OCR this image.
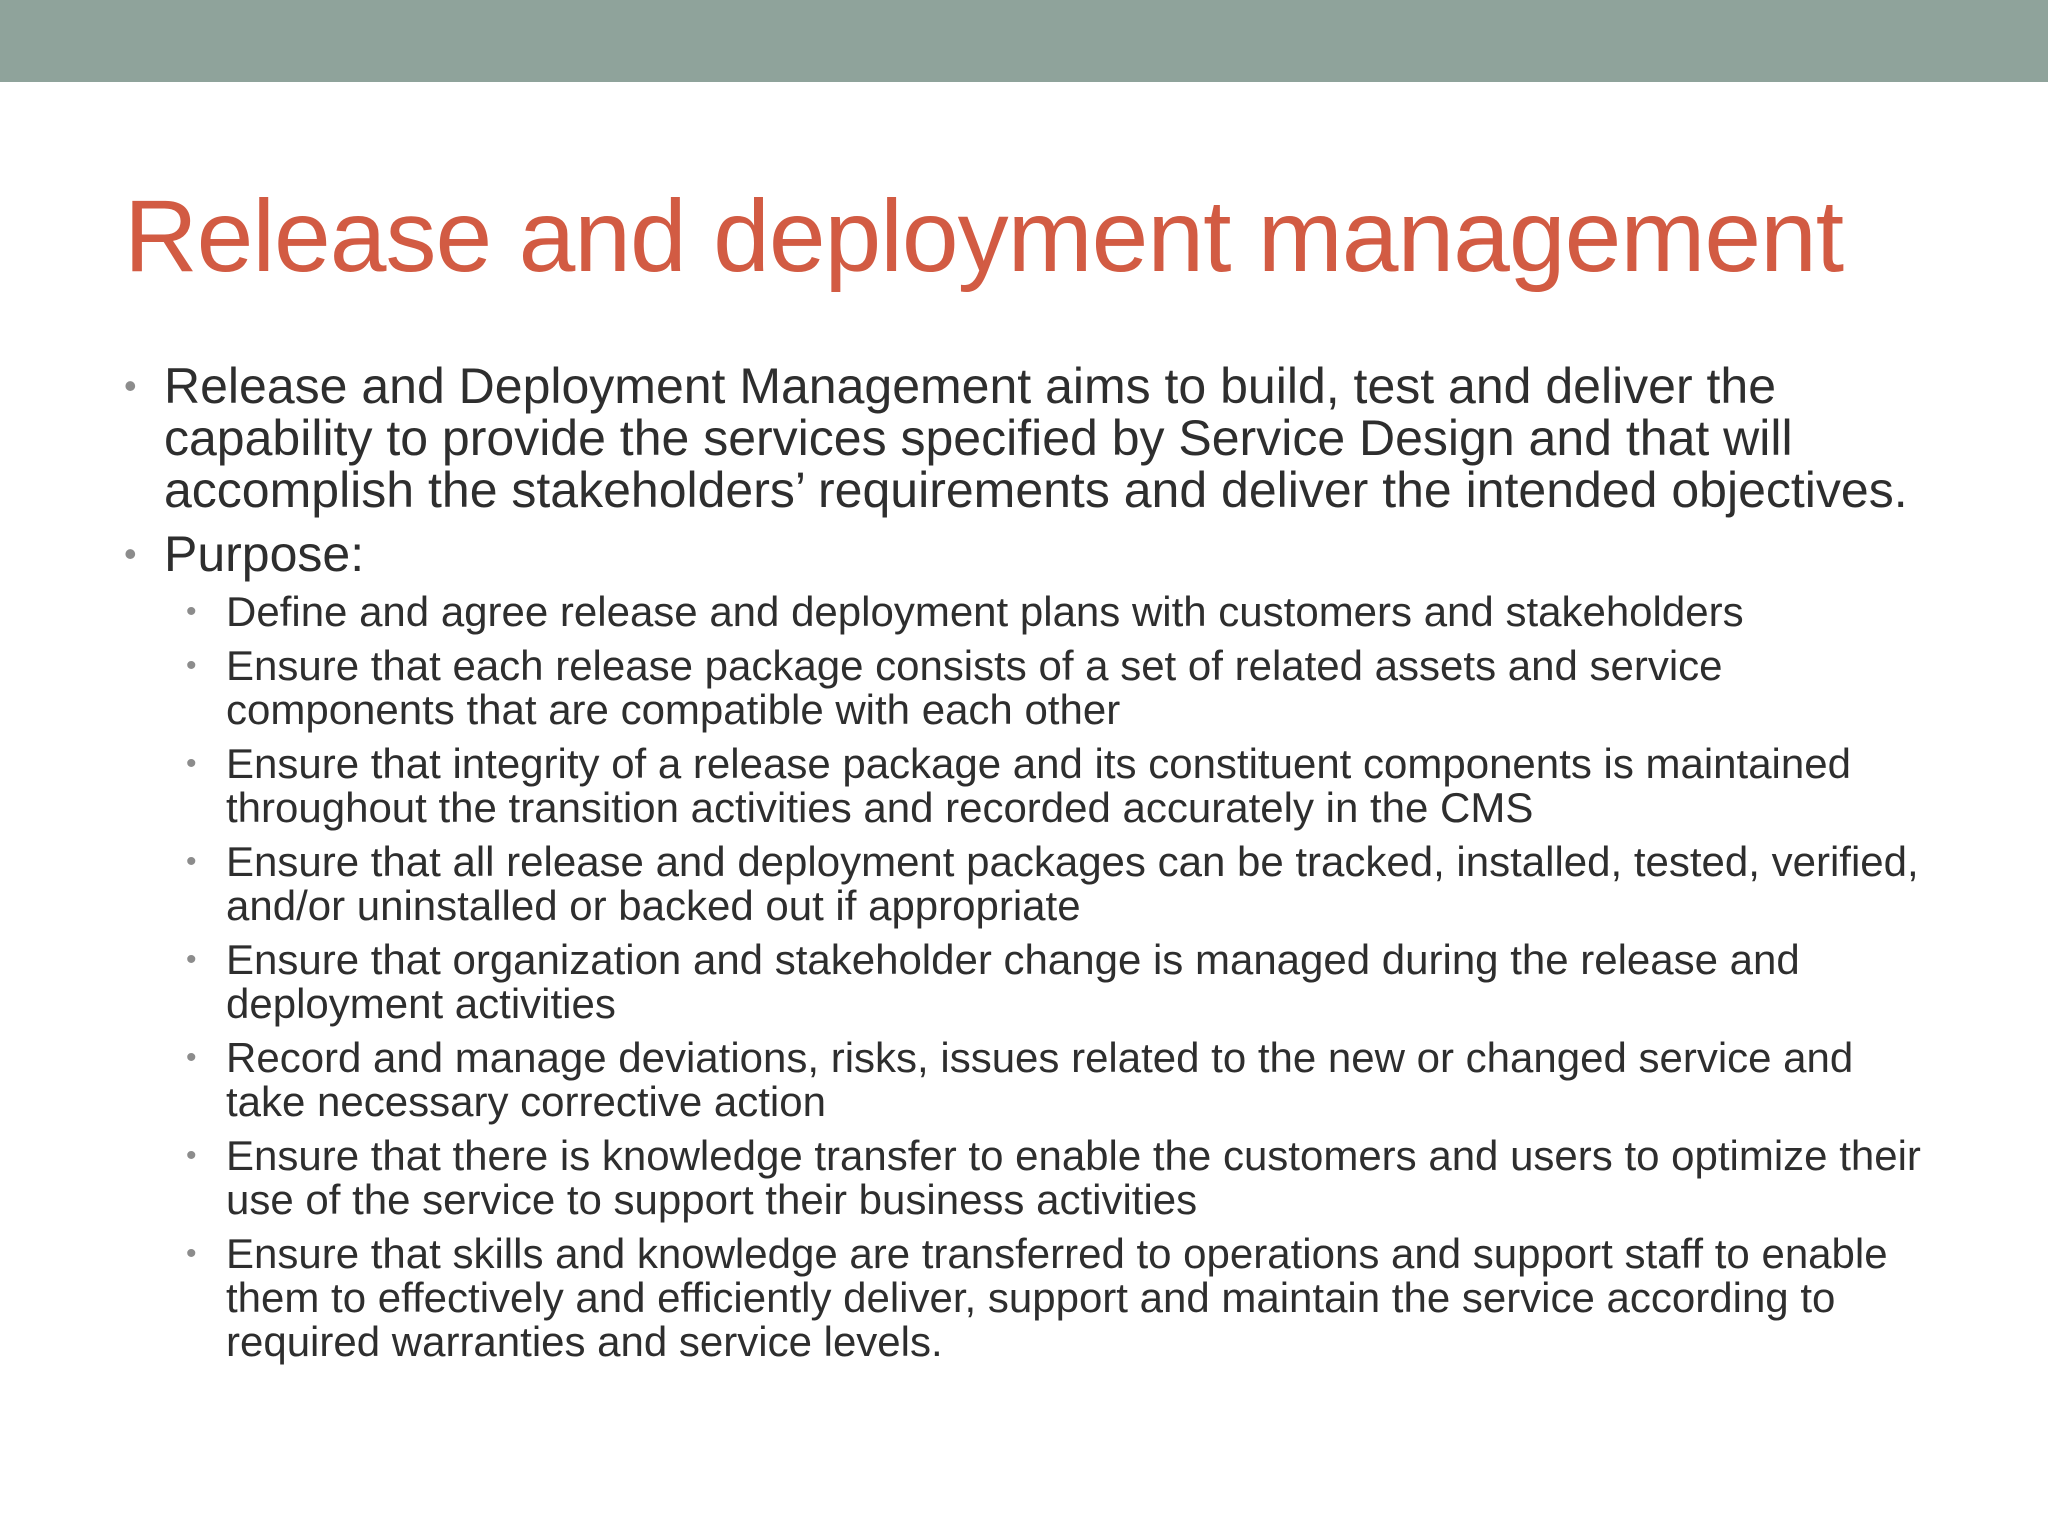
Release and deployment management
• Release and Deployment Management aims to build, test and deliver the capability to provide the services specified by Service Design and that will accomplish the stakeholders’ requirements and deliver the intended objectives.
• Purpose:
• Define and agree release and deployment plans with customers and stakeholders
• Ensure that each release package consists of a set of related assets and service components that are compatible with each other
• Ensure that integrity of a release package and its constituent components is maintained throughout the transition activities and recorded accurately in the CMS
• Ensure that all release and deployment packages can be tracked, installed, tested, verified, and/or uninstalled or backed out if appropriate
• Ensure that organization and stakeholder change is managed during the release and deployment activities
• Record and manage deviations, risks, issues related to the new or changed service and take necessary corrective action
• Ensure that there is knowledge transfer to enable the customers and users to optimize their use of the service to support their business activities
• Ensure that skills and knowledge are transferred to operations and support staff to enable them to effectively and efficiently deliver, support and maintain the service according to required warranties and service levels.
